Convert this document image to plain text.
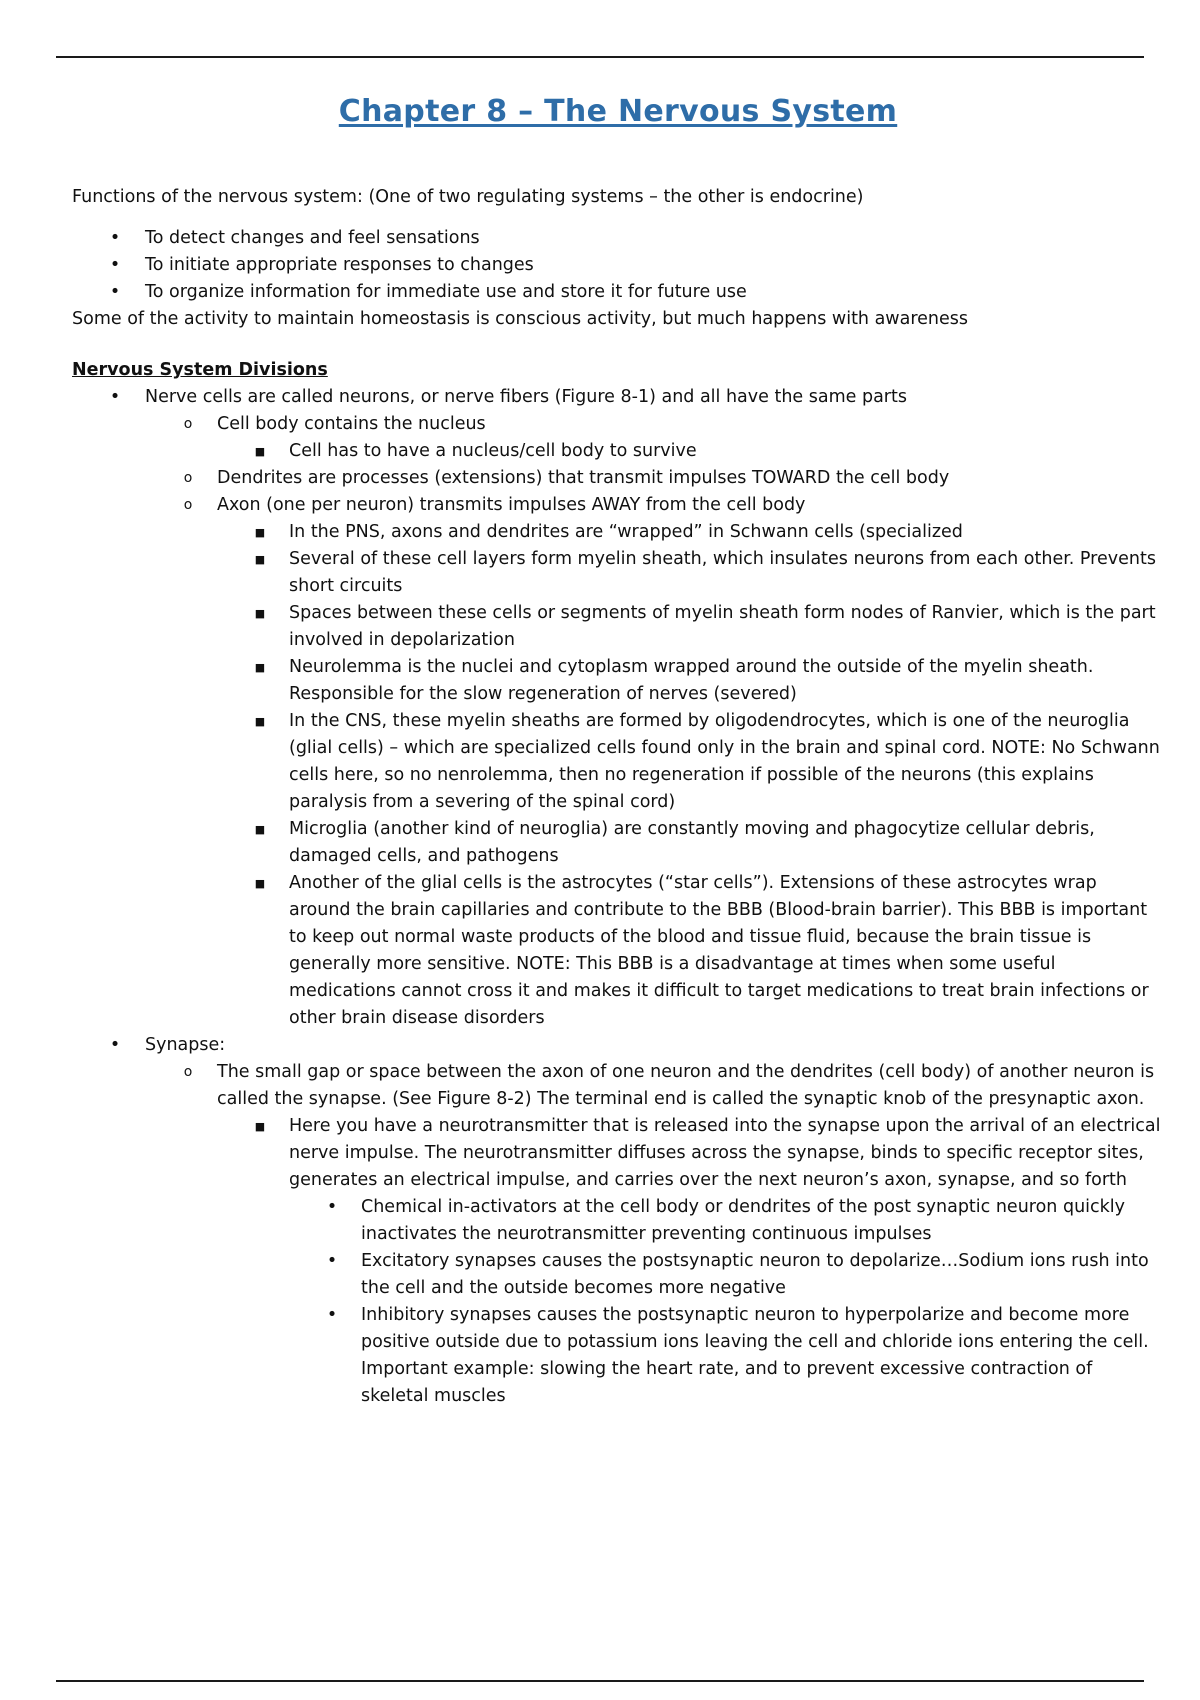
Chapter 8 – The Nervous System

Functions of the nervous system: (One of two regulating systems – the other is endocrine)

• To detect changes and feel sensations
• To initiate appropriate responses to changes
• To organize information for immediate use and store it for future use

Some of the activity to maintain homeostasis is conscious activity, but much happens with awareness

Nervous System Divisions

• Nerve cells are called neurons, or nerve fibers (Figure 8-1) and all have the same parts
o Cell body contains the nucleus
■ Cell has to have a nucleus/cell body to survive
o Dendrites are processes (extensions) that transmit impulses TOWARD the cell body
o Axon (one per neuron) transmits impulses AWAY from the cell body
■ In the PNS, axons and dendrites are “wrapped” in Schwann cells (specialized
■ Several of these cell layers form myelin sheath, which insulates neurons from each other. Prevents short circuits
■ Spaces between these cells or segments of myelin sheath form nodes of Ranvier, which is the part involved in depolarization
■ Neurolemma is the nuclei and cytoplasm wrapped around the outside of the myelin sheath. Responsible for the slow regeneration of nerves (severed)
■ In the CNS, these myelin sheaths are formed by oligodendrocytes, which is one of the neuroglia (glial cells) – which are specialized cells found only in the brain and spinal cord. NOTE: No Schwann cells here, so no nenrolemma, then no regeneration if possible of the neurons (this explains paralysis from a severing of the spinal cord)
■ Microglia (another kind of neuroglia) are constantly moving and phagocytize cellular debris, damaged cells, and pathogens
■ Another of the glial cells is the astrocytes (“star cells”). Extensions of these astrocytes wrap around the brain capillaries and contribute to the BBB (Blood-brain barrier). This BBB is important to keep out normal waste products of the blood and tissue fluid, because the brain tissue is generally more sensitive. NOTE: This BBB is a disadvantage at times when some useful medications cannot cross it and makes it difficult to target medications to treat brain infections or other brain disease disorders
• Synapse:
o The small gap or space between the axon of one neuron and the dendrites (cell body) of another neuron is called the synapse. (See Figure 8-2) The terminal end is called the synaptic knob of the presynaptic axon.
■ Here you have a neurotransmitter that is released into the synapse upon the arrival of an electrical nerve impulse. The neurotransmitter diffuses across the synapse, binds to specific receptor sites, generates an electrical impulse, and carries over the next neuron’s axon, synapse, and so forth
• Chemical in-activators at the cell body or dendrites of the post synaptic neuron quickly inactivates the neurotransmitter preventing continuous impulses
• Excitatory synapses causes the postsynaptic neuron to depolarize…Sodium ions rush into the cell and the outside becomes more negative
• Inhibitory synapses causes the postsynaptic neuron to hyperpolarize and become more positive outside due to potassium ions leaving the cell and chloride ions entering the cell. Important example: slowing the heart rate, and to prevent excessive contraction of skeletal muscles
